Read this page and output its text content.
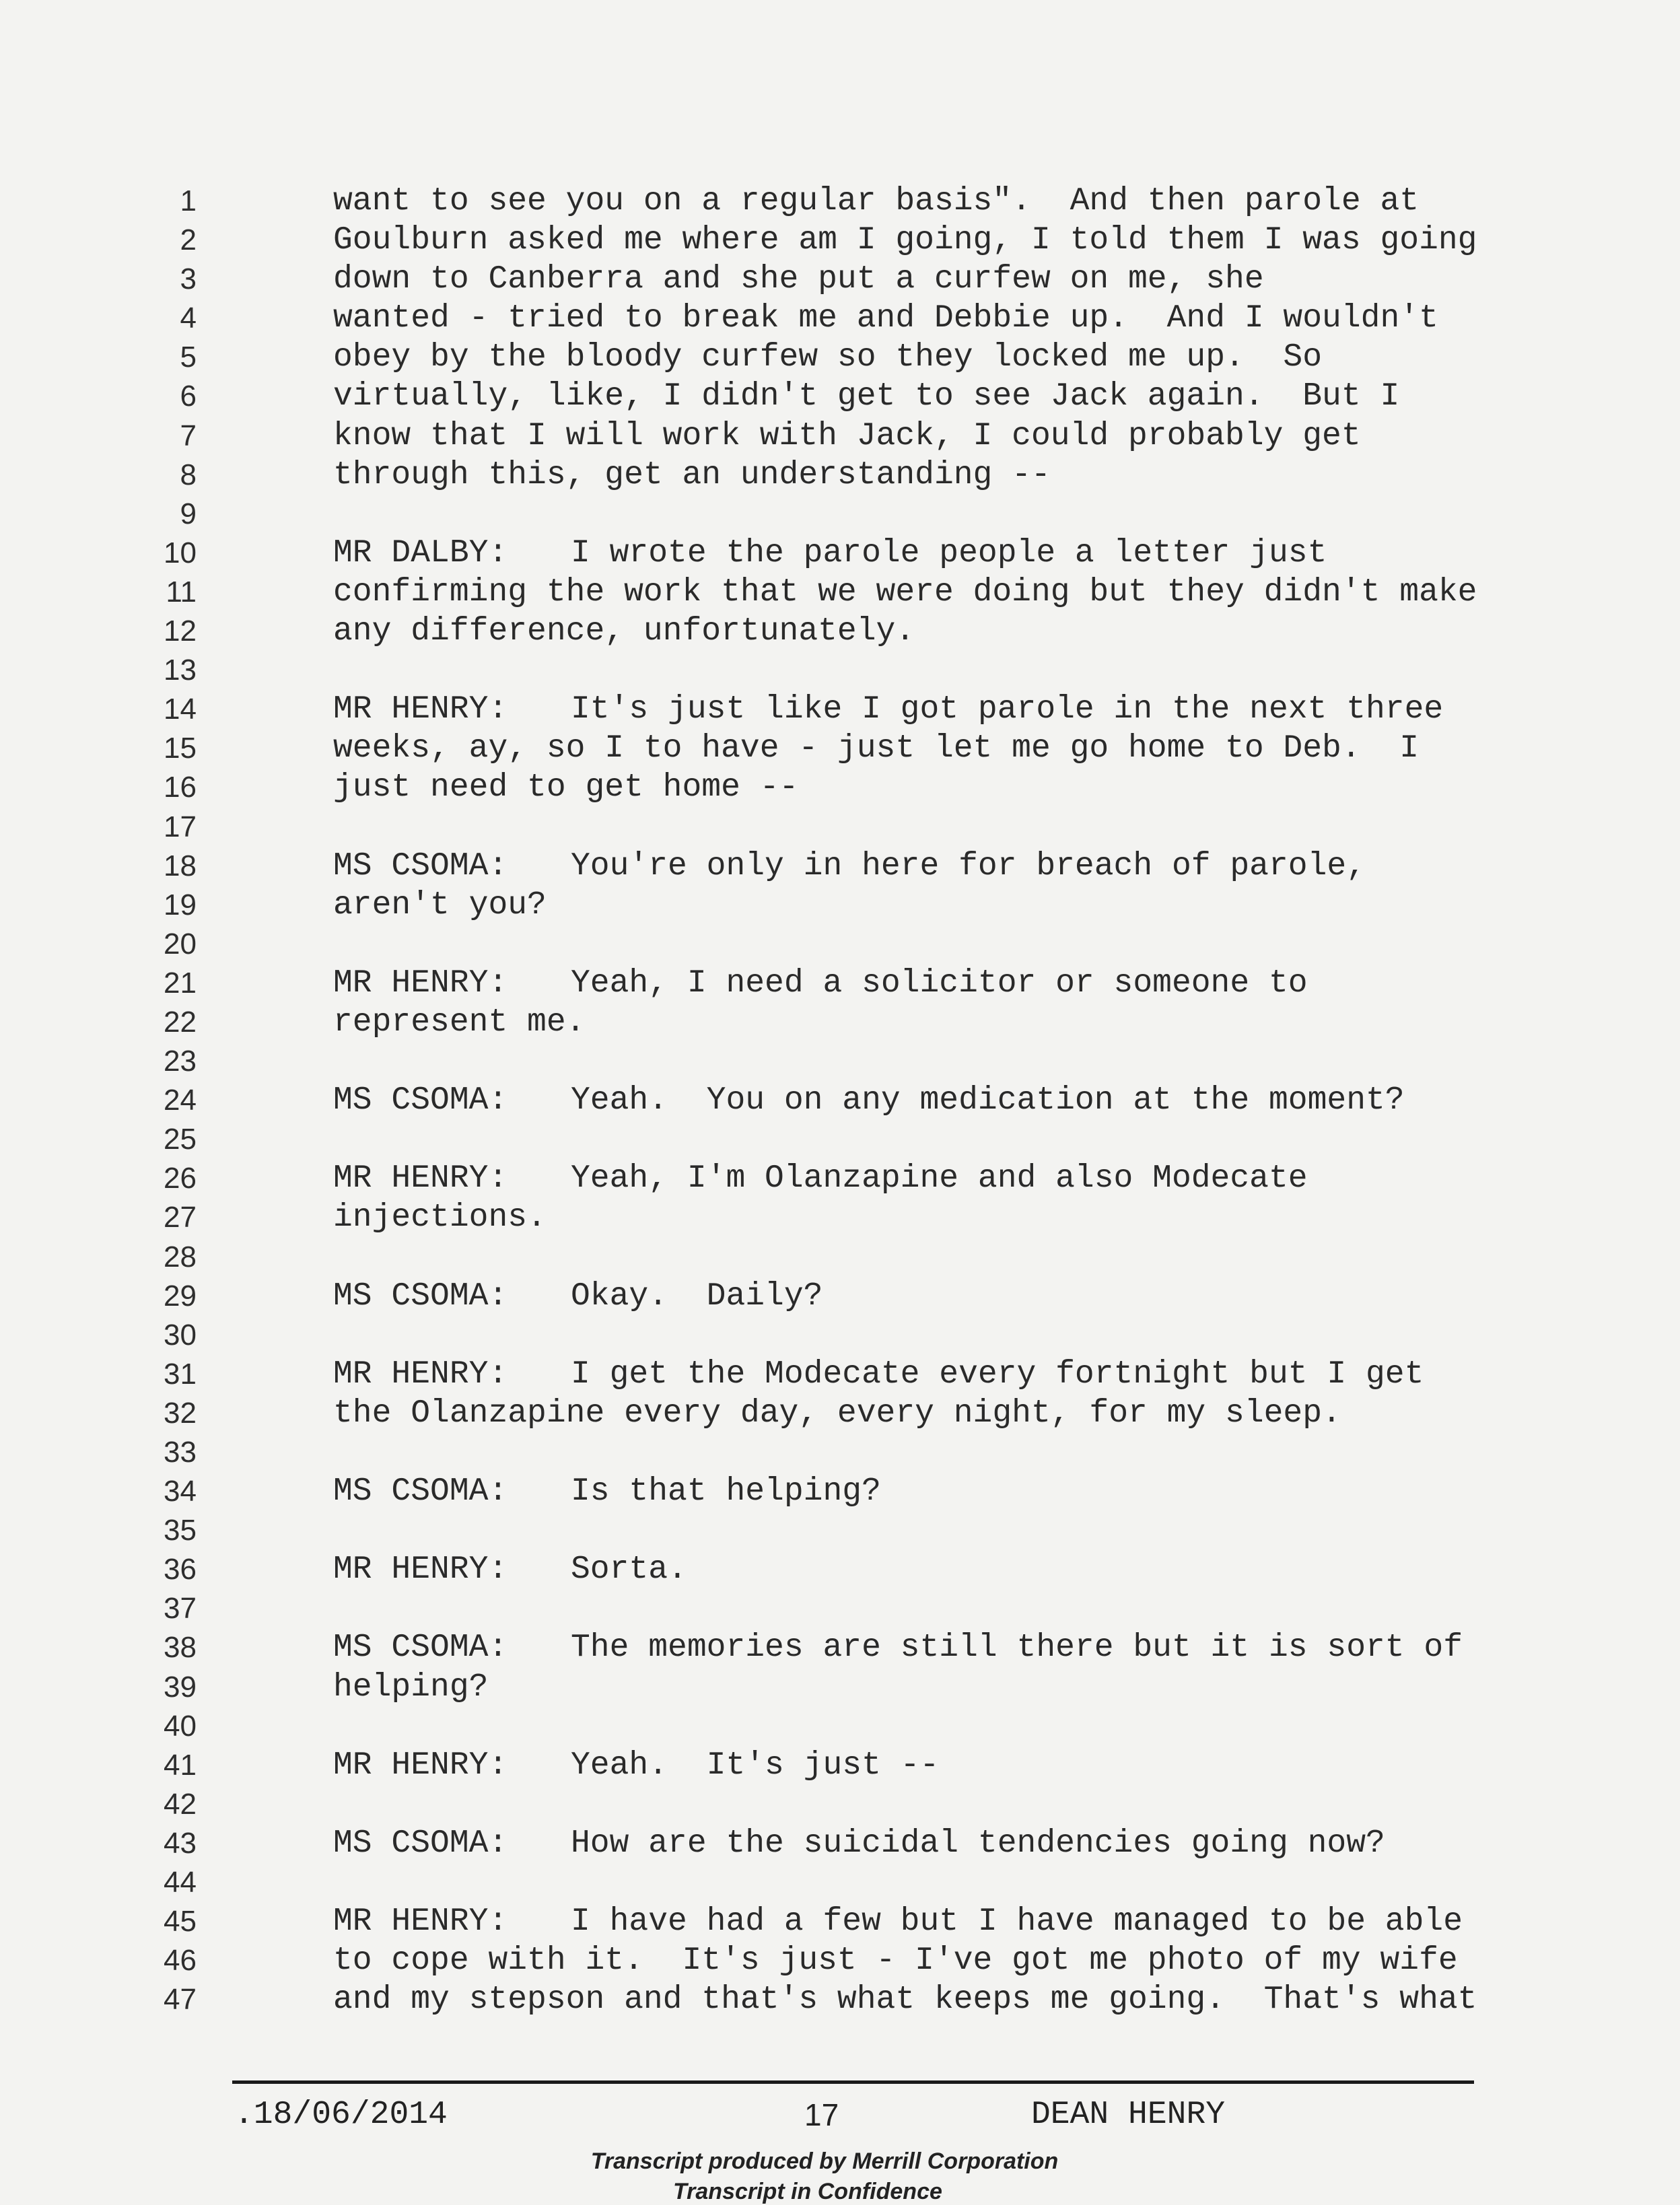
1	want to see you on a regular basis".  And then parole at
2	Goulburn asked me where am I going, I told them I was going
3	down to Canberra and she put a curfew on me, she
4	wanted - tried to break me and Debbie up.  And I wouldn't
5	obey by the bloody curfew so they locked me up.  So
6	virtually, like, I didn't get to see Jack again.  But I
7	know that I will work with Jack, I could probably get
8	through this, get an understanding --
9
10	MR DALBY: I wrote the parole people a letter just
11	confirming the work that we were doing but they didn't make
12	any difference, unfortunately.
13
14	MR HENRY: It's just like I got parole in the next three
15	weeks, ay, so I to have - just let me go home to Deb.  I
16	just need to get home --
17
18	MS CSOMA: You're only in here for breach of parole,
19	aren't you?
20
21	MR HENRY: Yeah, I need a solicitor or someone to
22	represent me.
23
24	MS CSOMA: Yeah.  You on any medication at the moment?
25
26	MR HENRY: Yeah, I'm Olanzapine and also Modecate
27	injections.
28
29	MS CSOMA: Okay.  Daily?
30
31	MR HENRY: I get the Modecate every fortnight but I get
32	the Olanzapine every day, every night, for my sleep.
33
34	MS CSOMA: Is that helping?
35
36	MR HENRY: Sorta.
37
38	MS CSOMA: The memories are still there but it is sort of
39	helping?
40
41	MR HENRY: Yeah.  It's just --
42
43	MS CSOMA: How are the suicidal tendencies going now?
44
45	MR HENRY: I have had a few but I have managed to be able
46	to cope with it.  It's just - I've got me photo of my wife
47	and my stepson and that's what keeps me going.  That's what
.18/06/2014	17	DEAN HENRY
Transcript produced by Merrill Corporation
Transcript in Confidence
